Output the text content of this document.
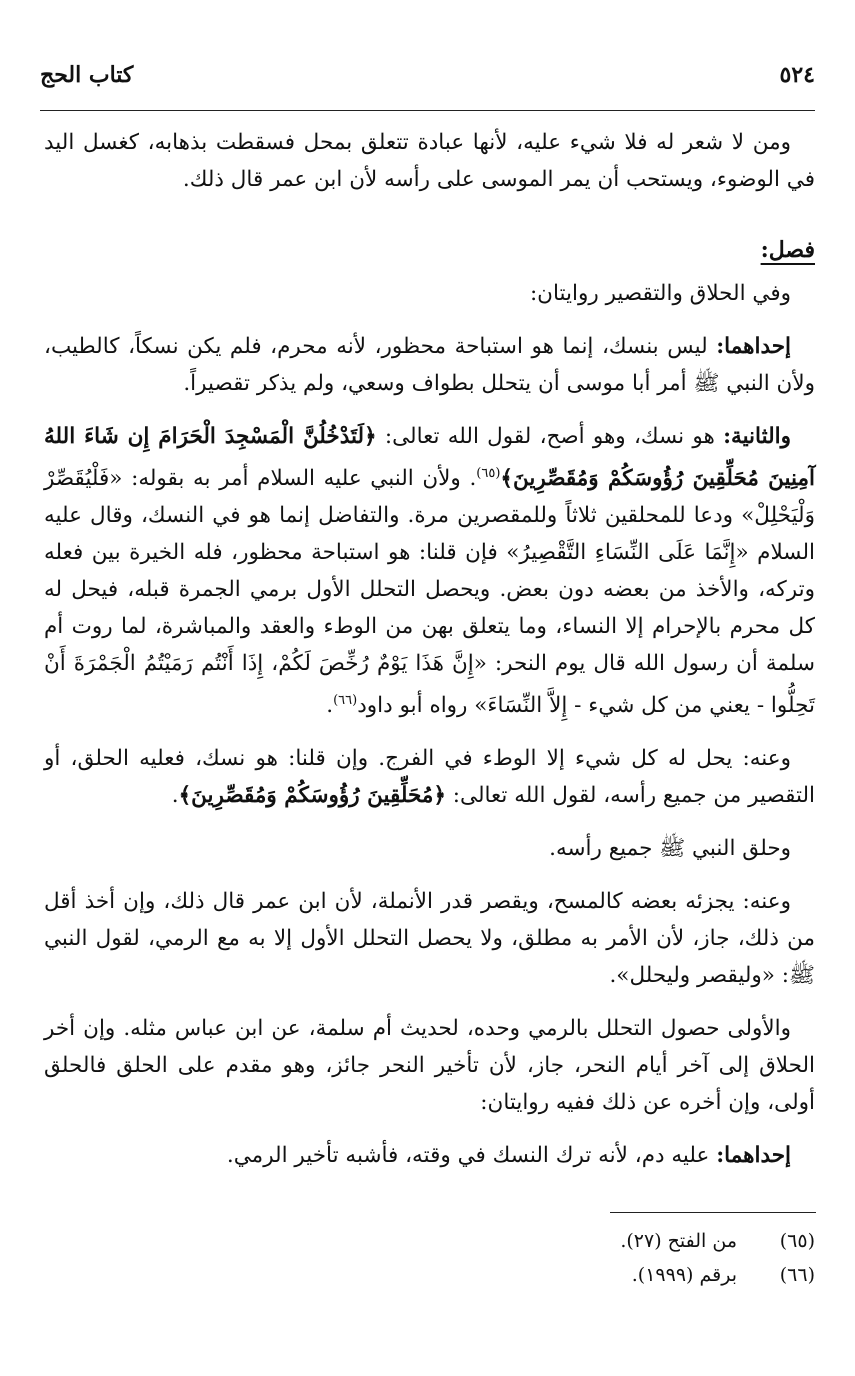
٥٢٤
كتاب الحج

ومن لا شعر له فلا شيء عليه، لأنها عبادة تتعلق بمحل فسقطت بذهابه، كغسل اليد في الوضوء، ويستحب أن يمر الموسى على رأسه لأن ابن عمر قال ذلك.

فصل:

وفي الحلاق والتقصير روايتان:

إحداهما: ليس بنسك، إنما هو استباحة محظور، لأنه محرم، فلم يكن نسكاً، كالطيب، ولأن النبي ﷺ أمر أبا موسى أن يتحلل بطواف وسعي، ولم يذكر تقصيراً.

والثانية: هو نسك، وهو أصح، لقول الله تعالى: ﴿لَتَدْخُلُنَّ الْمَسْجِدَ الْحَرَامَ إِن شَاءَ اللهُ آمِنِينَ مُحَلِّقِينَ رُؤُوسَكُمْ وَمُقَصِّرِينَ﴾$^{(٦٥)}$. ولأن النبي عليه السلام أمر به بقوله: «فَلْيُقَصِّرْ وَلْيَحْلِلْ» ودعا للمحلقين ثلاثاً وللمقصرين مرة. والتفاضل إنما هو في النسك، وقال عليه السلام «إِنَّمَا عَلَى النِّسَاءِ التَّقْصِيرُ» فإن قلنا: هو استباحة محظور، فله الخيرة بين فعله وتركه، والأخذ من بعضه دون بعض. ويحصل التحلل الأول برمي الجمرة قبله، فيحل له كل محرم بالإحرام إلا النساء، وما يتعلق بهن من الوطء والعقد والمباشرة، لما روت أم سلمة أن رسول الله قال يوم النحر: «إِنَّ هَذَا يَوْمٌ رُخِّصَ لَكُمْ، إِذَا أَنْتُم رَمَيْتُمُ الْجَمْرَةَ أَنْ تَحِلُّوا - يعني من كل شيء - إِلاَّ النِّسَاءَ» رواه أبو داود$^{(٦٦)}$.

وعنه: يحل له كل شيء إلا الوطء في الفرج. وإن قلنا: هو نسك، فعليه الحلق، أو التقصير من جميع رأسه، لقول الله تعالى: ﴿مُحَلِّقِينَ رُؤُوسَكُمْ وَمُقَصِّرِينَ﴾.

وحلق النبي ﷺ جميع رأسه.

وعنه: يجزئه بعضه كالمسح، ويقصر قدر الأنملة، لأن ابن عمر قال ذلك، وإن أخذ أقل من ذلك، جاز، لأن الأمر به مطلق، ولا يحصل التحلل الأول إلا به مع الرمي، لقول النبي ﷺ: «وليقصر وليحلل».

والأولى حصول التحلل بالرمي وحده، لحديث أم سلمة، عن ابن عباس مثله. وإن أخر الحلاق إلى آخر أيام النحر، جاز، لأن تأخير النحر جائز، وهو مقدم على الحلق فالحلق أولى، وإن أخره عن ذلك ففيه روايتان:

إحداهما: عليه دم، لأنه ترك النسك في وقته، فأشبه تأخير الرمي.

(٦٥)
من الفتح (٢٧).
(٦٦)
برقم (١٩٩٩).
